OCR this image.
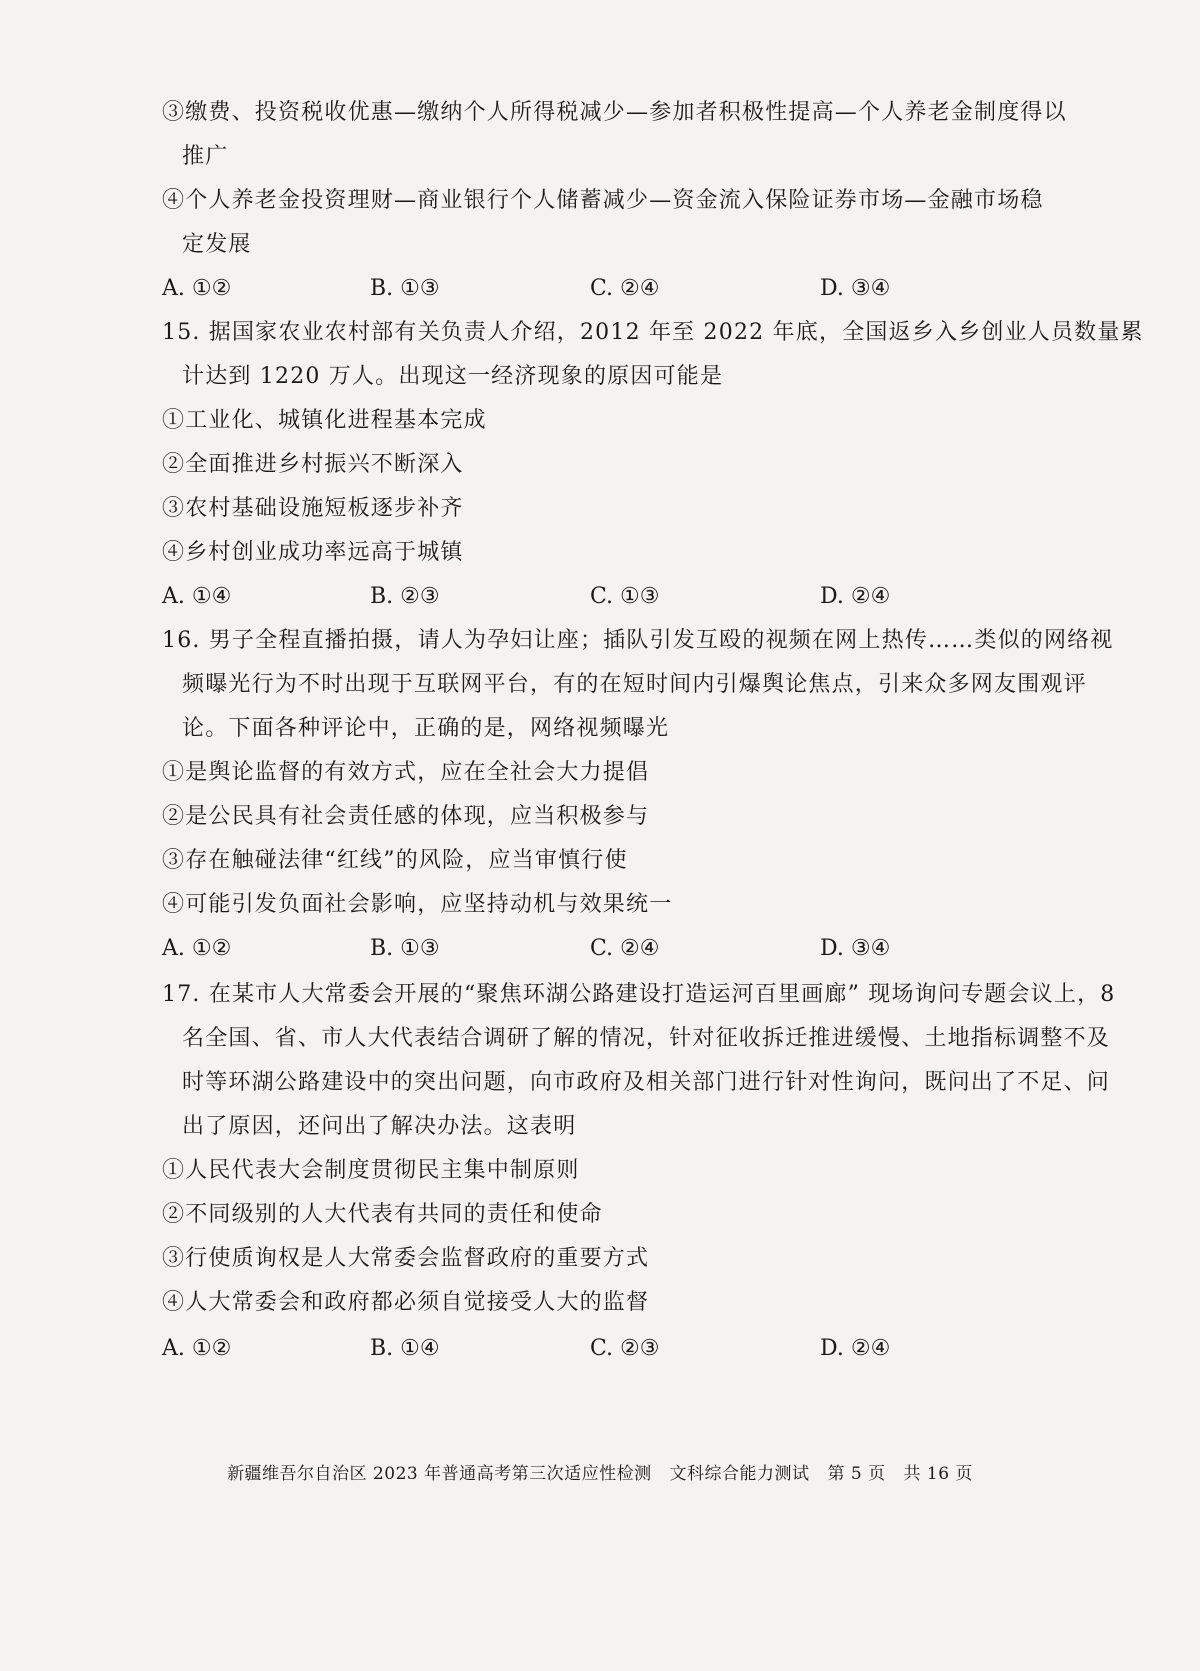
③缴费、投资税收优惠—缴纳个人所得税减少—参加者积极性提高—个人养老金制度得以
推广
④个人养老金投资理财—商业银行个人储蓄减少—资金流入保险证券市场—金融市场稳
定发展
A. ①②	B. ①③	C. ②④	D. ③④
15. 据国家农业农村部有关负责人介绍，2012 年至 2022 年底，全国返乡入乡创业人员数量累
计达到 1220 万人。出现这一经济现象的原因可能是
①工业化、城镇化进程基本完成
②全面推进乡村振兴不断深入
③农村基础设施短板逐步补齐
④乡村创业成功率远高于城镇
A. ①④	B. ②③	C. ①③	D. ②④
16. 男子全程直播拍摄，请人为孕妇让座；插队引发互殴的视频在网上热传……类似的网络视
频曝光行为不时出现于互联网平台，有的在短时间内引爆舆论焦点，引来众多网友围观评
论。下面各种评论中，正确的是，网络视频曝光
①是舆论监督的有效方式，应在全社会大力提倡
②是公民具有社会责任感的体现，应当积极参与
③存在触碰法律“红线”的风险，应当审慎行使
④可能引发负面社会影响，应坚持动机与效果统一
A. ①②	B. ①③	C. ②④	D. ③④
17. 在某市人大常委会开展的“聚焦环湖公路建设打造运河百里画廊” 现场询问专题会议上，8
名全国、省、市人大代表结合调研了解的情况，针对征收拆迁推进缓慢、土地指标调整不及
时等环湖公路建设中的突出问题，向市政府及相关部门进行针对性询问，既问出了不足、问
出了原因，还问出了解决办法。这表明
①人民代表大会制度贯彻民主集中制原则
②不同级别的人大代表有共同的责任和使命
③行使质询权是人大常委会监督政府的重要方式
④人大常委会和政府都必须自觉接受人大的监督
A. ①②	B. ①④	C. ②③	D. ②④
新疆维吾尔自治区 2023 年普通高考第三次适应性检测 文科综合能力测试 第 5 页 共 16 页
